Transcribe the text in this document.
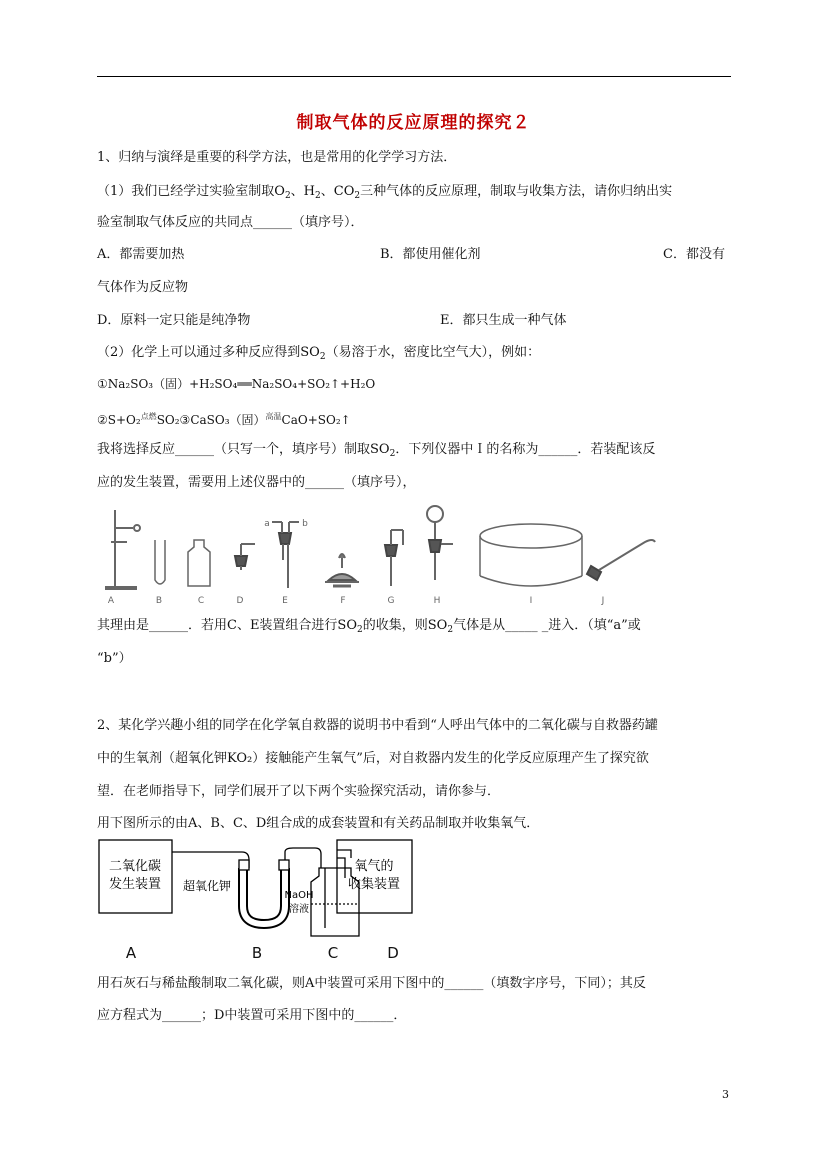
制取气体的反应原理的探究２
1、归纳与演绎是重要的科学方法，也是常用的化学学习方法．
（1）我们已经学过实验室制取$O_2$、$H_2$、$CO_2$三种气体的反应原理，制取与收集方法，请你归纳出实
验室制取气体反应的共同点______（填序号）．
A．都需要加热	B．都使用催化剂	C．都没有
气体作为反应物
D．原料一定只能是纯净物	E．都只生成一种气体
（2）化学上可以通过多种反应得到$SO_2$（易溶于水，密度比空气大），例如：
①Na₂SO₃（固）+H₂SO₄══Na₂SO₄+SO₂↑+H₂O
②S+O₂$^{点燃}$SO₂③CaSO₃（固）$^{高温}$CaO+SO₂↑
我将选择反应______（只写一个，填序号）制取$SO_2$．下列仪器中Ｉ的名称为______．若装配该反
应的发生装置，需要用上述仪器中的______（填序号），
A	B	C	D	E	F	G	H	I	J
a	b
其理由是______．若用C、E装置组合进行$SO_2$的收集，则$SO_2$气体是从_____ _进入．（填“a”或
“b”）
2、某化学兴趣小组的同学在化学氧自救器的说明书中看到“人呼出气体中的二氧化碳与自救器药罐
中的生氧剂（超氧化钾KO₂）接触能产生氧气”后，对自救器内发生的化学反应原理产生了探究欲
望．在老师指导下，同学们展开了以下两个实验探究活动，请你参与．
用下图所示的由A、B、C、D组合成的成套装置和有关药品制取并收集氧气．
二氧化碳
发生装置
氧气的
收集装置
超氧化钾
NaOH
溶液
A	B	C	D
用石灰石与稀盐酸制取二氧化碳，则A中装置可采用下图中的______（填数字序号，下同）；其反
应方程式为______；D中装置可采用下图中的______．
3
